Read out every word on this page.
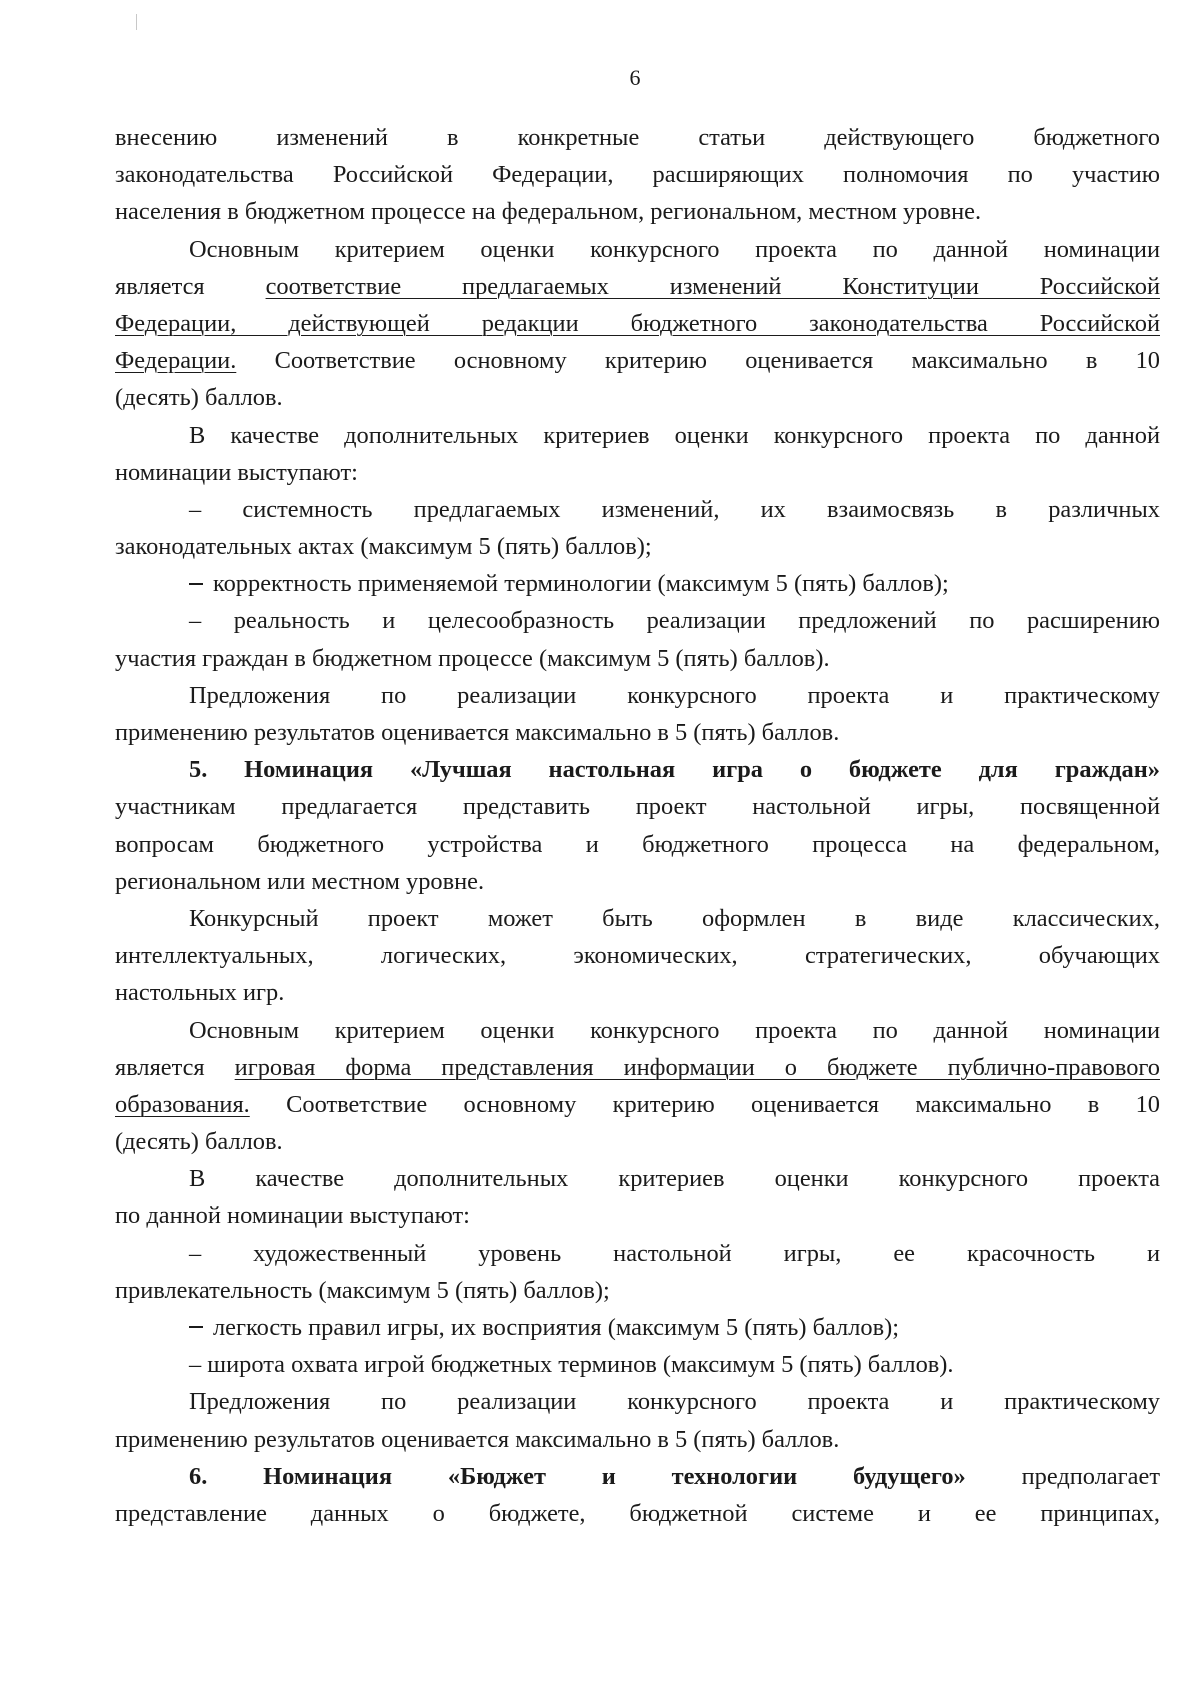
6
внесению изменений в конкретные статьи действующего бюджетного
законодательства Российской Федерации, расширяющих полномочия по участию
населения в бюджетном процессе на федеральном, региональном, местном уровне.
Основным критерием оценки конкурсного проекта по данной номинации
является соответствие предлагаемых изменений Конституции Российской
Федерации, действующей редакции бюджетного законодательства Российской
Федерации. Соответствие основному критерию оценивается максимально в 10
(десять) баллов.
В качестве дополнительных критериев оценки конкурсного проекта по данной
номинации выступают:
– системность предлагаемых изменений, их взаимосвязь в различных
законодательных актах (максимум 5 (пять) баллов);
корректность применяемой терминологии (максимум 5 (пять) баллов);
– реальность и целесообразность реализации предложений по расширению
участия граждан в бюджетном процессе (максимум 5 (пять) баллов).
Предложения по реализации конкурсного проекта и практическому
применению результатов оценивается максимально в 5 (пять) баллов.
5. Номинация «Лучшая настольная игра о бюджете для граждан»
участникам предлагается представить проект настольной игры, посвященной
вопросам бюджетного устройства и бюджетного процесса на федеральном,
региональном или местном уровне.
Конкурсный проект может быть оформлен в виде классических,
интеллектуальных, логических, экономических, стратегических, обучающих
настольных игр.
Основным критерием оценки конкурсного проекта по данной номинации
является игровая форма представления информации о бюджете публично-правового
образования. Соответствие основному критерию оценивается максимально в 10
(десять) баллов.
В качестве дополнительных критериев оценки конкурсного проекта
по данной номинации выступают:
– художественный уровень настольной игры, ее красочность и
привлекательность (максимум 5 (пять) баллов);
легкость правил игры, их восприятия (максимум 5 (пять) баллов);
– широта охвата игрой бюджетных терминов (максимум 5 (пять) баллов).
Предложения по реализации конкурсного проекта и практическому
применению результатов оценивается максимально в 5 (пять) баллов.
6. Номинация «Бюджет и технологии будущего» предполагает
представление данных о бюджете, бюджетной системе и ее принципах,
